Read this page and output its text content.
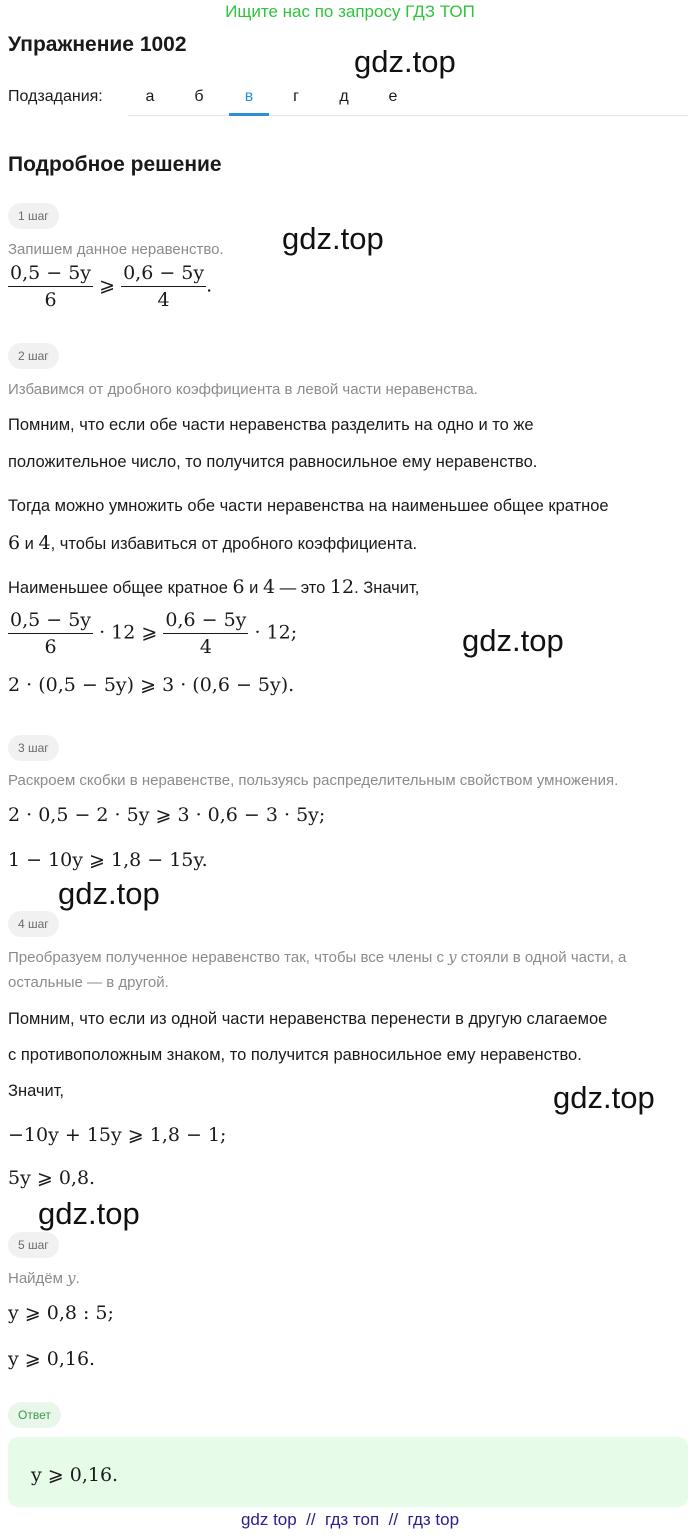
Ищите нас по запросу ГДЗ ТОП
Упражнение 1002	gdz.top
gdz.top
gdz.top
gdz.top
gdz.top
gdz.top
Подзадания:	а	б	в	г	д	е
Подробное решение
1 шаг
Запишем данное неравенство.
$\frac{0,5 - 5y}{6}$ ⩾ $\frac{0,6 - 5y}{4}$ .
2 шаг
Избавимся от дробного коэффициента в левой части неравенства.
Помним, что если обе части неравенства разделить на одно и то же
положительное число, то получится равносильное ему неравенство.
Тогда можно умножить обе части неравенства на наименьшее общее кратное
6 и 4, чтобы избавиться от дробного коэффициента.
Наименьшее общее кратное 6 и 4 — это 12. Значит,
$\frac{0,5 - 5y}{6} \cdot 12$ ⩾ $\frac{0,6 - 5y}{4} \cdot 12$;
2 · (0,5 − 5y) ⩾ 3 · (0,6 − 5y).
3 шаг
Раскроем скобки в неравенстве, пользуясь распределительным свойством умножения.
2 · 0,5 − 2 · 5y ⩾ 3 · 0,6 − 3 · 5y;
1 − 10y ⩾ 1,8 − 15y.
4 шаг
Преобразуем полученное неравенство так, чтобы все члены с y стояли в одной части, а
остальные — в другой.
Помним, что если из одной части неравенства перенести в другую слагаемое
с противоположным знаком, то получится равносильное ему неравенство.
Значит,
−10y + 15y ⩾ 1,8 − 1;
5y ⩾ 0,8.
5 шаг
Найдём y.
y ⩾ 0,8 : 5;
y ⩾ 0,16.
Ответ
y ⩾ 0,16.
gdz top  //  гдз топ  //  гдз top
